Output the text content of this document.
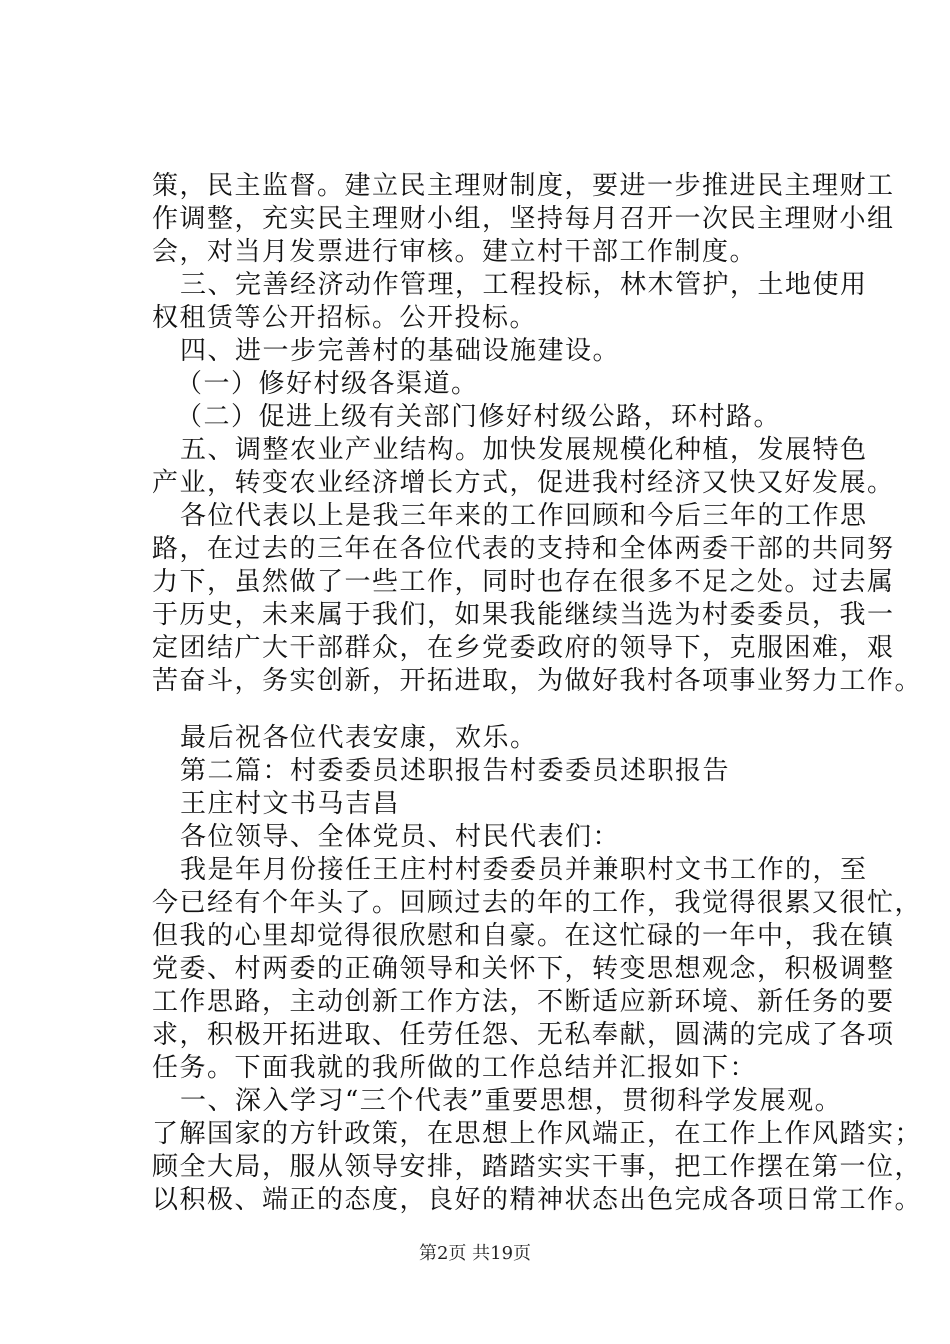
策，民主监督。建立民主理财制度，要进一步推进民主理财工
作调整，充实民主理财小组，坚持每月召开一次民主理财小组
会，对当月发票进行审核。建立村干部工作制度。
三、完善经济动作管理，工程投标，林木管护，土地使用
权租赁等公开招标。公开投标。
四、进一步完善村的基础设施建设。
（一）修好村级各渠道。
（二）促进上级有关部门修好村级公路，环村路。
五、调整农业产业结构。加快发展规模化种植，发展特色
产业，转变农业经济增长方式，促进我村经济又快又好发展。
各位代表以上是我三年来的工作回顾和今后三年的工作思
路，在过去的三年在各位代表的支持和全体两委干部的共同努
力下，虽然做了一些工作，同时也存在很多不足之处。过去属
于历史，未来属于我们，如果我能继续当选为村委委员，我一
定团结广大干部群众，在乡党委政府的领导下，克服困难，艰
苦奋斗，务实创新，开拓进取，为做好我村各项事业努力工作。
最后祝各位代表安康，欢乐。
第二篇：村委委员述职报告村委委员述职报告
王庄村文书马吉昌
各位领导、全体党员、村民代表们：
我是年月份接任王庄村村委委员并兼职村文书工作的，至
今已经有个年头了。回顾过去的年的工作，我觉得很累又很忙，
但我的心里却觉得很欣慰和自豪。在这忙碌的一年中，我在镇
党委、村两委的正确领导和关怀下，转变思想观念，积极调整
工作思路，主动创新工作方法，不断适应新环境、新任务的要
求，积极开拓进取、任劳任怨、无私奉献，圆满的完成了各项
任务。下面我就的我所做的工作总结并汇报如下：
一、深入学习“三个代表”重要思想，贯彻科学发展观。
了解国家的方针政策，在思想上作风端正，在工作上作风踏实；
顾全大局，服从领导安排，踏踏实实干事，把工作摆在第一位，
以积极、端正的态度，良好的精神状态出色完成各项日常工作。
第2页 共19页
